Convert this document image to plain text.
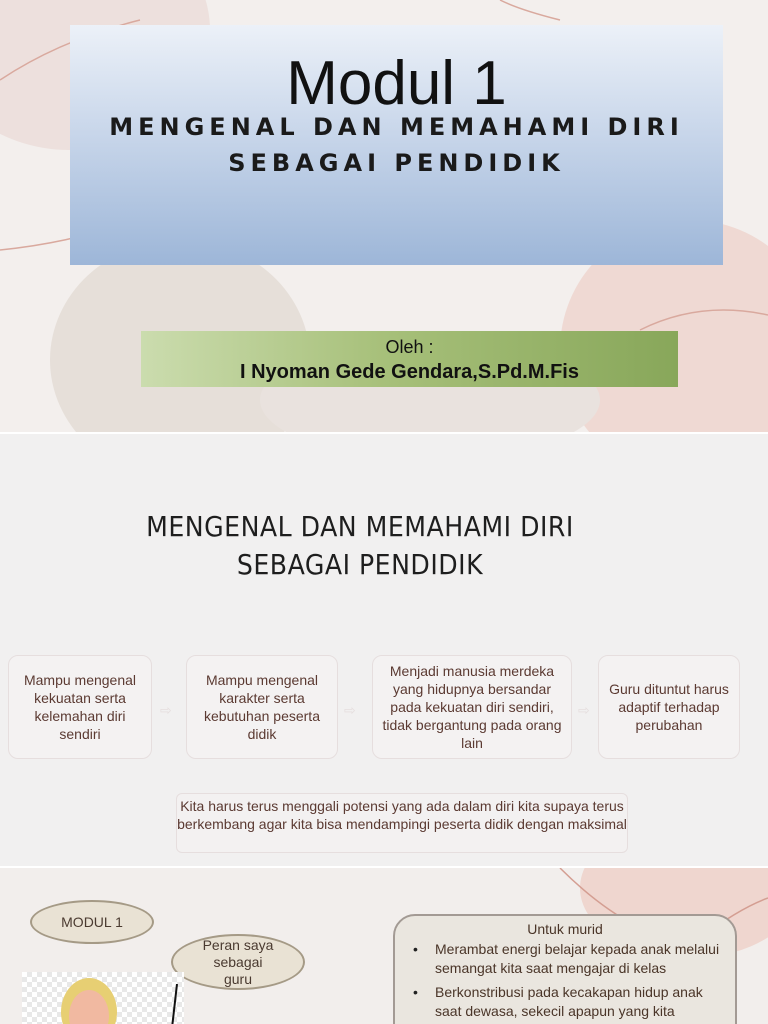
Modul 1
MENGENAL DAN MEMAHAMI DIRI
SEBAGAI PENDIDIK
Oleh :
I Nyoman Gede Gendara,S.Pd.M.Fis
MENGENAL DAN MEMAHAMI DIRI
SEBAGAI PENDIDIK
Mampu mengenal kekuatan serta kelemahan diri sendiri
⇨
Mampu mengenal karakter serta kebutuhan peserta didik
⇨
Menjadi manusia merdeka yang hidupnya bersandar pada kekuatan diri sendiri, tidak bergantung pada orang lain
⇨
Guru dituntut harus adaptif terhadap perubahan
Kita harus terus menggali potensi yang ada dalam diri kita supaya terus berkembang agar kita bisa mendampingi peserta didik dengan maksimal
MODUL 1
Peran saya sebagai guru
Untuk murid
• Merambat energi belajar kepada anak melalui semangat kita saat mengajar di kelas
• Berkonstribusi pada kecakapan hidup anak saat dewasa, sekecil apapun yang kita
